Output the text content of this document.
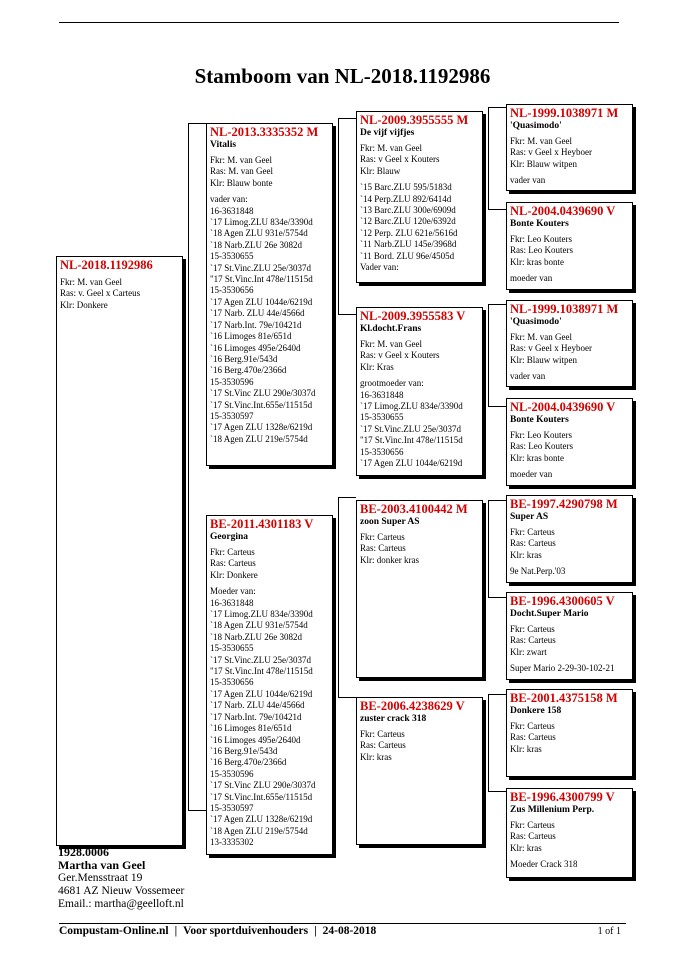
Stamboom van NL-2018.1192986
NL-2018.1192986
Fkr: M. van Geel
Ras: v. Geel x Carteus
Klr: Donkere
NL-2013.3335352 M
Vitalis
Fkr: M. van Geel
Ras: M. van Geel
Klr: Blauw bonte
vader van:
16-3631848
`17 Limog.ZLU 834e/3390d
`18 Agen ZLU 931e/5754d
`18 Narb.ZLU 26e 3082d
15-3530655
`17 St.Vinc.ZLU 25e/3037d
"17 St.Vinc.Int 478e/11515d
15-3530656
`17 Agen ZLU 1044e/6219d
`17 Narb. ZLU 44e/4566d
`17 Narb.Int. 79e/10421d
`16 Limoges 81e/651d
`16 Limoges 495e/2640d
`16 Berg.91e/543d
`16 Berg.470e/2366d
15-3530596
`17 St.Vinc ZLU 290e/3037d
`17 St.Vinc.Int.655e/11515d
15-3530597
`17 Agen ZLU 1328e/6219d
`18 Agen ZLU 219e/5754d
BE-2011.4301183 V
Georgina
Fkr: Carteus
Ras: Carteus
Klr: Donkere
Moeder van:
16-3631848
`17 Limog.ZLU 834e/3390d
`18 Agen ZLU 931e/5754d
`18 Narb.ZLU 26e 3082d
15-3530655
`17 St.Vinc.ZLU 25e/3037d
"17 St.Vinc.Int 478e/11515d
15-3530656
`17 Agen ZLU 1044e/6219d
`17 Narb. ZLU 44e/4566d
`17 Narb.Int. 79e/10421d
`16 Limoges 81e/651d
`16 Limoges 495e/2640d
`16 Berg.91e/543d
`16 Berg.470e/2366d
15-3530596
`17 St.Vinc ZLU 290e/3037d
`17 St.Vinc.Int.655e/11515d
15-3530597
`17 Agen ZLU 1328e/6219d
`18 Agen ZLU 219e/5754d
13-3335302
NL-2009.3955555 M
De vijf vijfjes
Fkr: M. van Geel
Ras: v Geel x Kouters
Klr: Blauw
`15 Barc.ZLU 595/5183d
`14 Perp.ZLU 892/6414d
`13 Barc.ZLU 300e/6909d
`12 Barc.ZLU 120e/6392d
`12 Perp. ZLU 621e/5616d
`11 Narb.ZLU 145e/3968d
`11 Bord. ZLU 96e/4505d
Vader van:
NL-2009.3955583 V
Kl.docht.Frans
Fkr: M. van Geel
Ras: v Geel x Kouters
Klr: Kras
grootmoeder van:
16-3631848
`17 Limog.ZLU 834e/3390d
15-3530655
`17 St.Vinc.ZLU 25e/3037d
"17 St.Vinc.Int 478e/11515d
15-3530656
`17 Agen ZLU 1044e/6219d
BE-2003.4100442 M
zoon Super AS
Fkr: Carteus
Ras: Carteus
Klr: donker kras
BE-2006.4238629 V
zuster crack 318
Fkr: Carteus
Ras: Carteus
Klr: kras
NL-1999.1038971 M
'Quasimodo'
Fkr: M. van Geel
Ras: v Geel x Heyboer
Klr: Blauw witpen
vader van
NL-2004.0439690 V
Bonte Kouters
Fkr: Leo Kouters
Ras: Leo Kouters
Klr: kras bonte
moeder van
NL-1999.1038971 M
'Quasimodo'
Fkr: M. van Geel
Ras: v Geel x Heyboer
Klr: Blauw witpen
vader van
NL-2004.0439690 V
Bonte Kouters
Fkr: Leo Kouters
Ras: Leo Kouters
Klr: kras bonte
moeder van
BE-1997.4290798 M
Super AS
Fkr: Carteus
Ras: Carteus
Klr: kras
9e Nat.Perp.'03
BE-1996.4300605 V
Docht.Super Mario
Fkr: Carteus
Ras: Carteus
Klr: zwart
Super Mario 2-29-30-102-21
BE-2001.4375158 M
Donkere 158
Fkr: Carteus
Ras: Carteus
Klr: kras
BE-1996.4300799 V
Zus Millenium Perp.
Fkr: Carteus
Ras: Carteus
Klr: kras
Moeder Crack 318
1928.0006
Martha van Geel
Ger.Mensstraat 19
4681 AZ Nieuw Vossemeer
Email.: martha@geelloft.nl
Compustam-Online.nl | Voor sportduivenhouders | 24-08-2018	1 of 1
